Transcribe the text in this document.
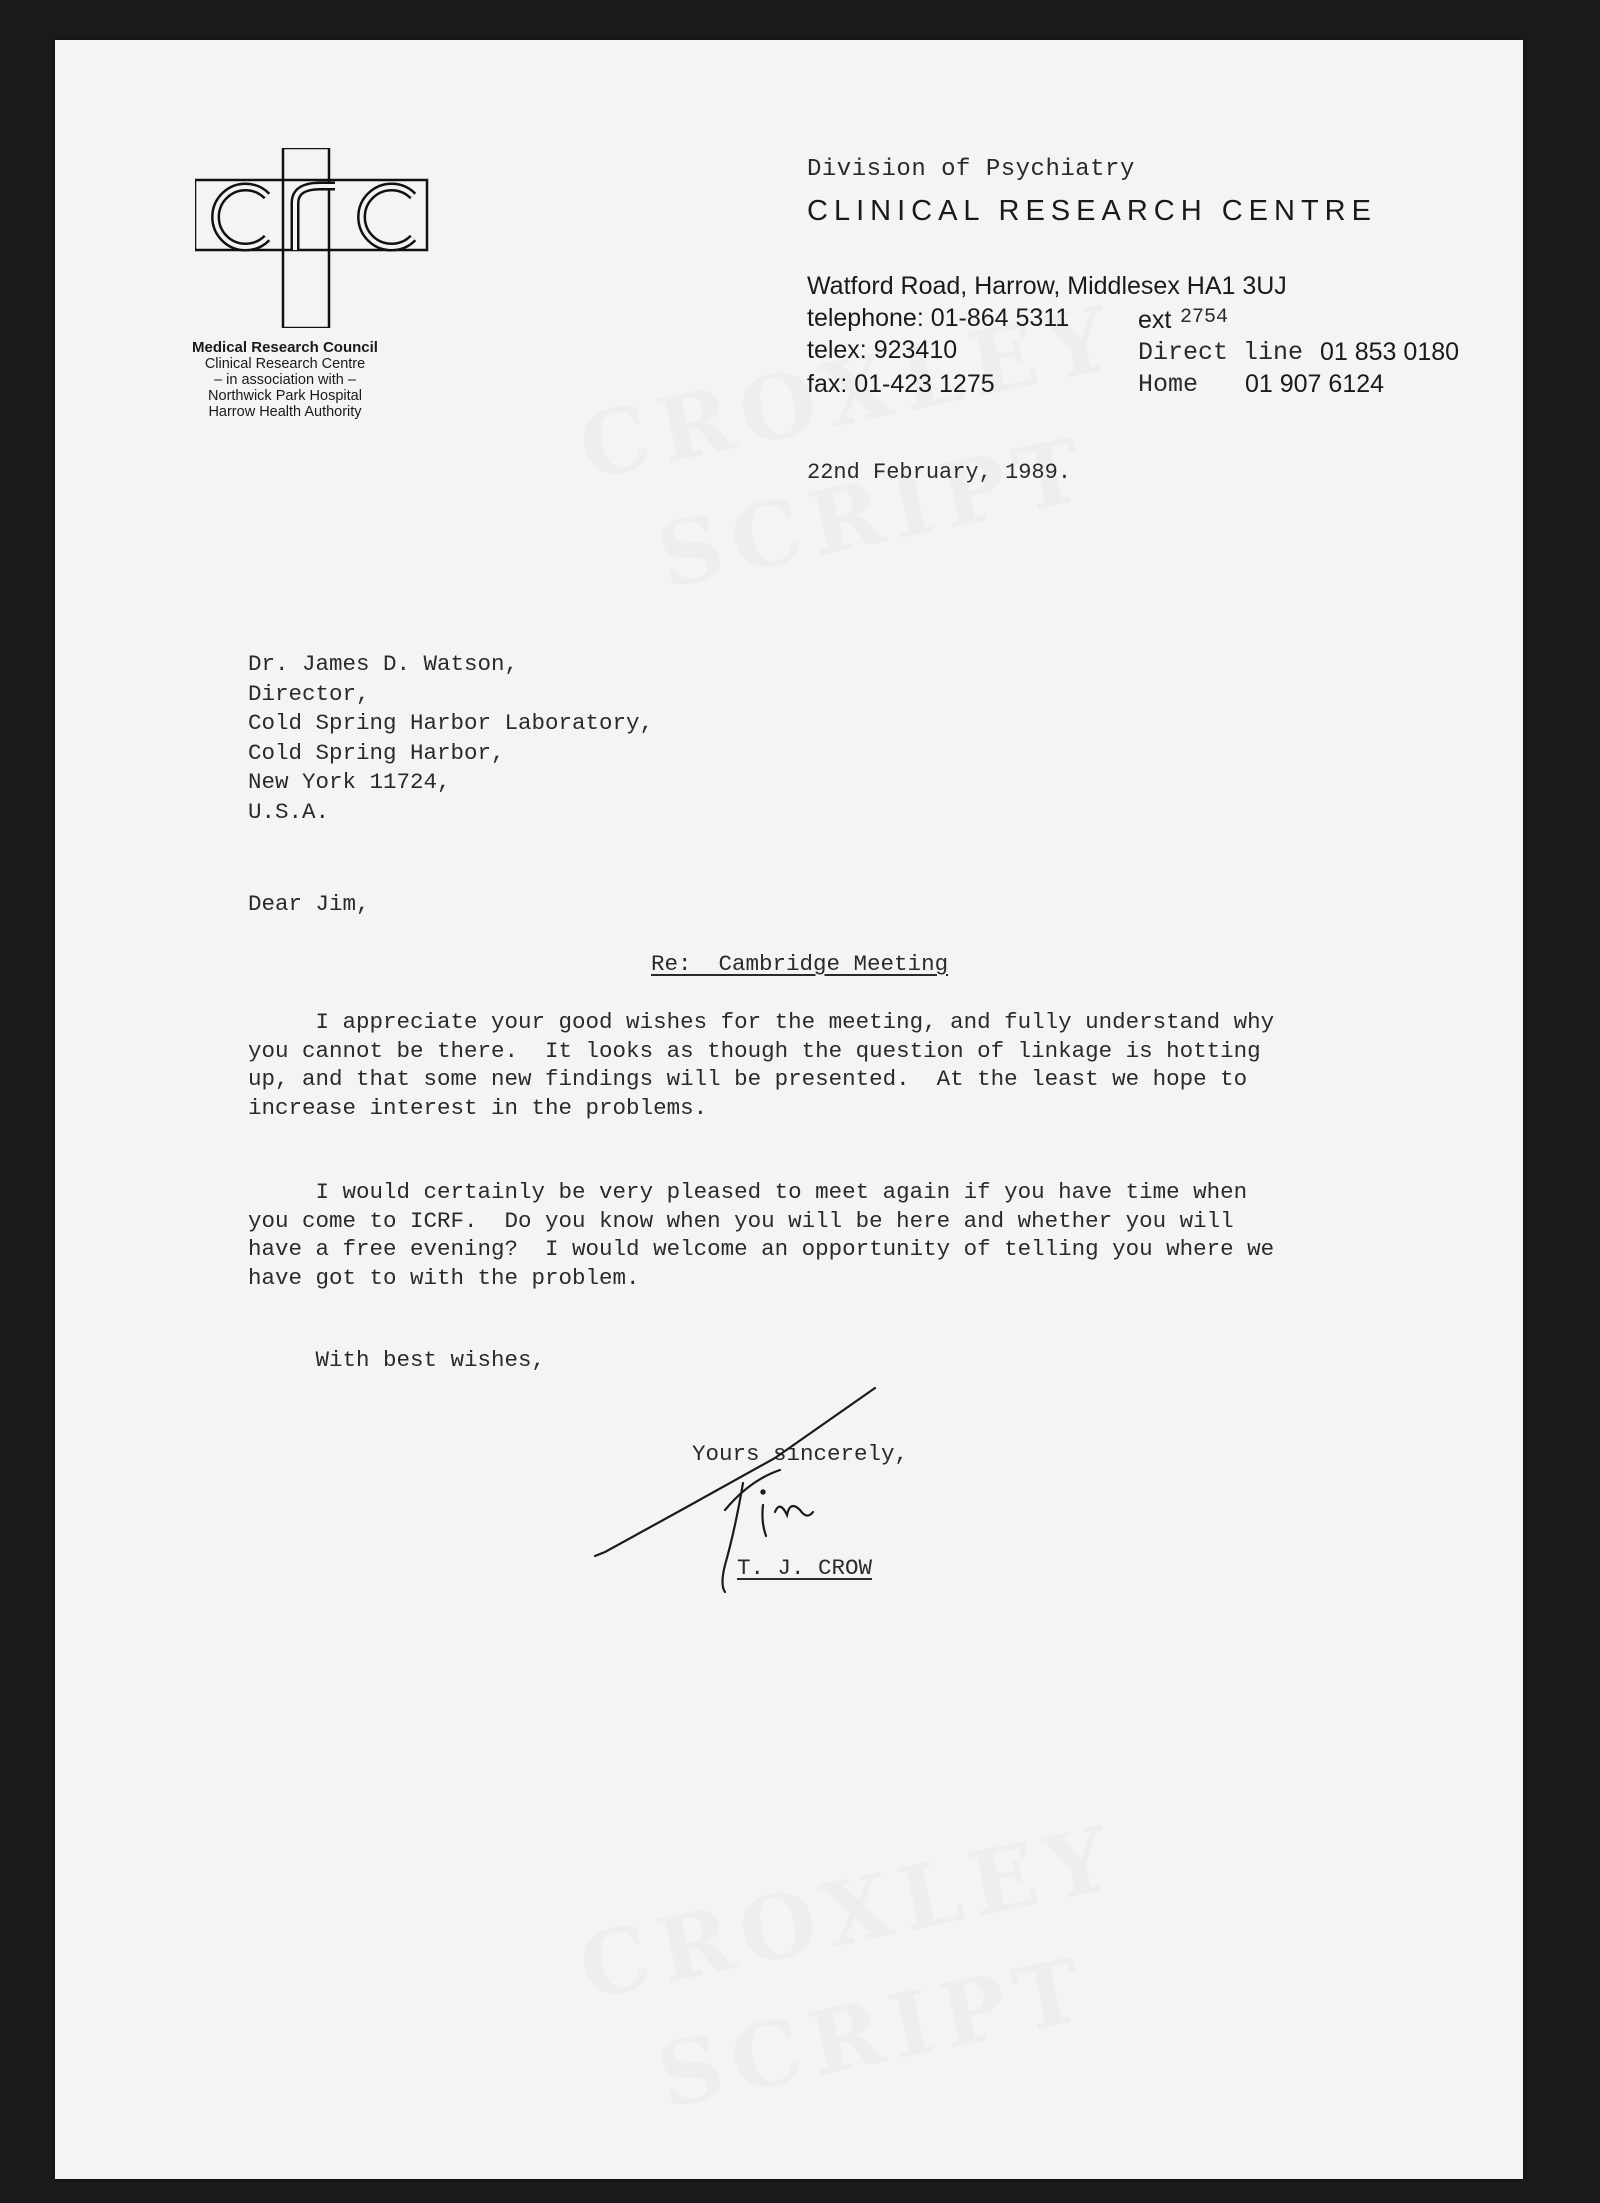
Medical Research Council
Clinical Research Centre
– in association with –
Northwick Park Hospital
Harrow Health Authority
Division of Psychiatry
CLINICAL RESEARCH CENTRE
Watford Road, Harrow, Middlesex HA1 3UJ
telephone: 01-864 5311	ext 2754
telex: 923410
fax: 01-423 1275
Direct line 01 853 0180
Home 01 907 6124
22nd February, 1989.
Dr. James D. Watson,
Director,
Cold Spring Harbor Laboratory,
Cold Spring Harbor,
New York 11724,
U.S.A.
Dear Jim,
Re: Cambridge Meeting
I appreciate your good wishes for the meeting, and fully understand why
you cannot be there.  It looks as though the question of linkage is hotting
up, and that some new findings will be presented.  At the least we hope to
increase interest in the problems.
I would certainly be very pleased to meet again if you have time when
you come to ICRF.  Do you know when you will be here and whether you will
have a free evening?  I would welcome an opportunity of telling you where we
have got to with the problem.
With best wishes,
Yours sincerely,
T. J. CROW
